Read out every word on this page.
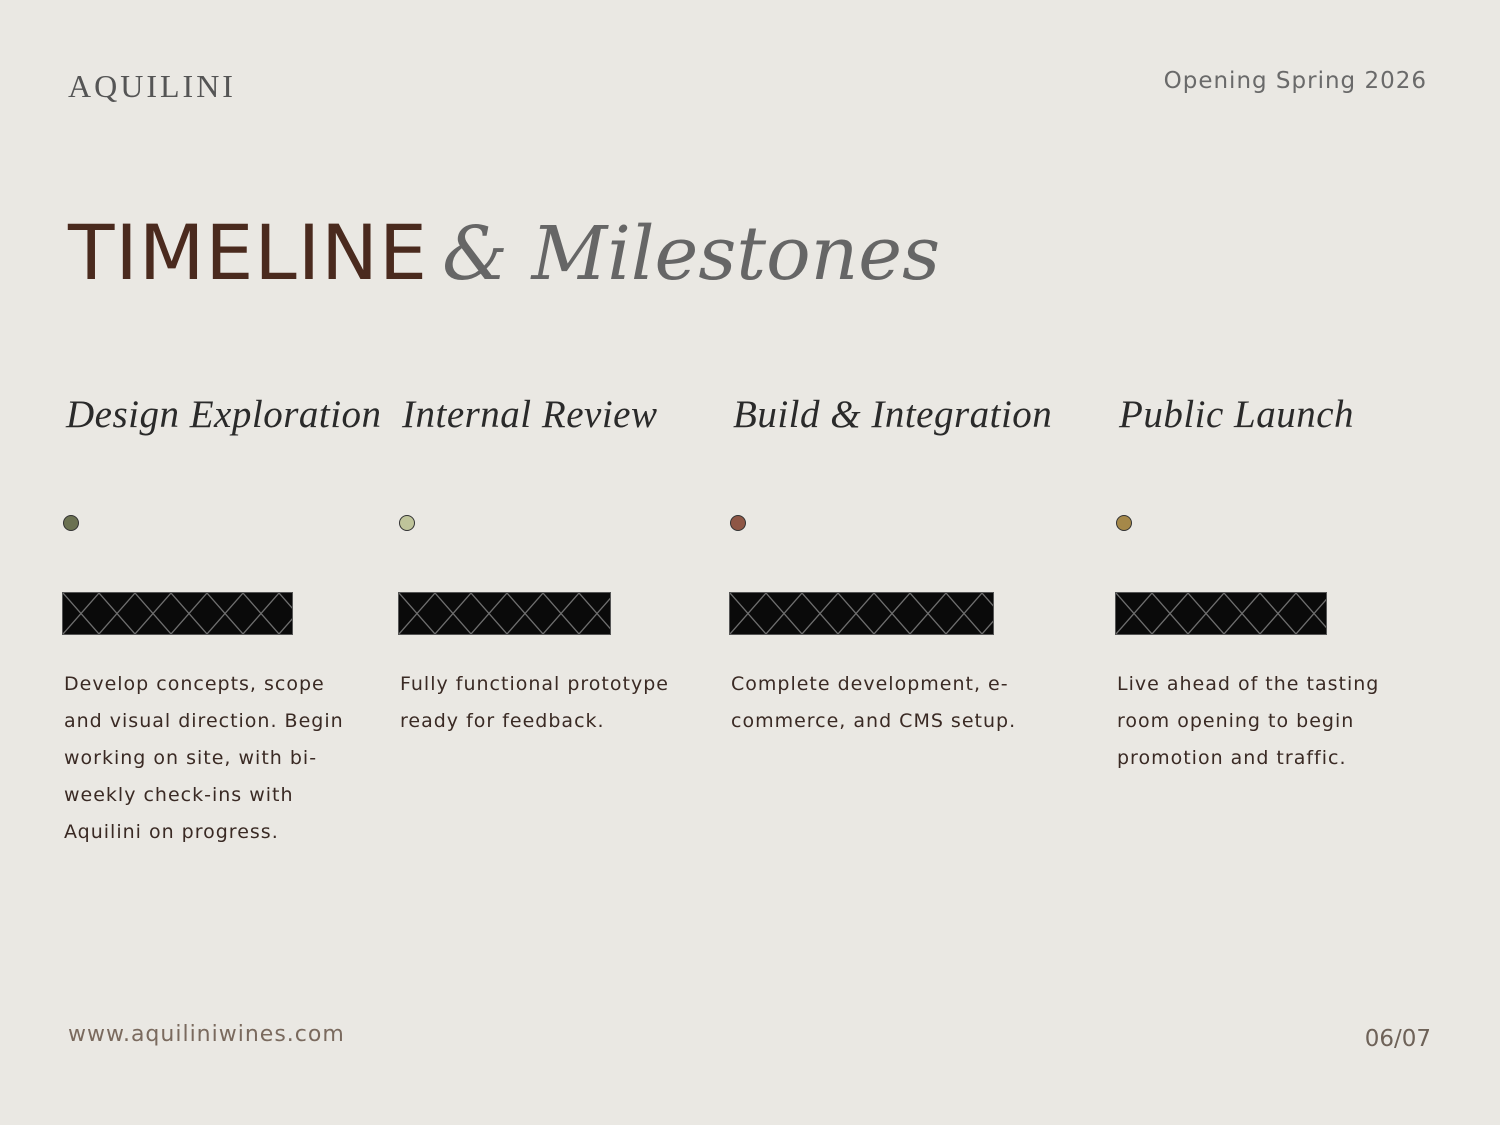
AQUILINI	Opening Spring 2026
TIMELINE & Milestones
Design Exploration
Develop concepts, scope and visual direction. Begin working on site, with bi-weekly check-ins with Aquilini on progress.
Internal Review
Fully functional prototype ready for feedback.
Build & Integration
Complete development, e-commerce, and CMS setup.
Public Launch
Live ahead of the tasting room opening to begin promotion and traffic.
www.aquiliniwines.com	06/07
